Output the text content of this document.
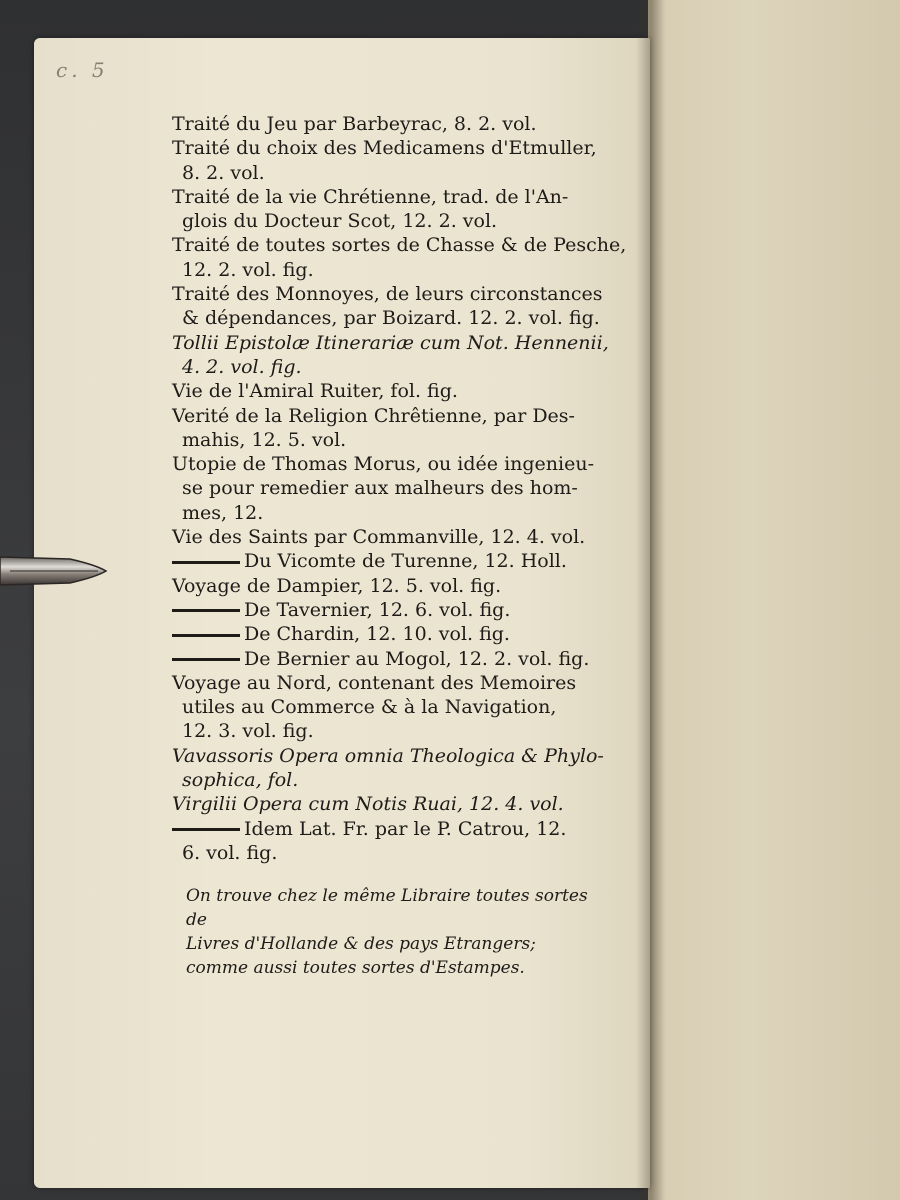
c. 5
Traité du Jeu par Barbeyrac, 8. 2. vol.
Traité du choix des Medicamens d'Etmuller,
8. 2. vol.
Traité de la vie Chrétienne, trad. de l'An-
glois du Docteur Scot, 12. 2. vol.
Traité de toutes sortes de Chasse & de Pesche,
12. 2. vol. fig.
Traité des Monnoyes, de leurs circonstances
& dépendances, par Boizard. 12. 2. vol. fig.
Tollii Epistolæ Itinerariæ cum Not. Hennenii,
4. 2. vol. fig.
Vie de l'Amiral Ruiter, fol. fig.
Verité de la Religion Chrêtienne, par Des-
mahis, 12. 5. vol.
Utopie de Thomas Morus, ou idée ingenieu-
se pour remedier aux malheurs des hom-
mes, 12.
Vie des Saints par Commanville, 12. 4. vol.
Du Vicomte de Turenne, 12. Holl.
Voyage de Dampier, 12. 5. vol. fig.
De Tavernier, 12. 6. vol. fig.
De Chardin, 12. 10. vol. fig.
De Bernier au Mogol, 12. 2. vol. fig.
Voyage au Nord, contenant des Memoires
utiles au Commerce & à la Navigation,
12. 3. vol. fig.
Vavassoris Opera omnia Theologica & Phylo-
sophica, fol.
Virgilii Opera cum Notis Ruai, 12. 4. vol.
Idem Lat. Fr. par le P. Catrou, 12.
6. vol. fig.
On trouve chez le même Libraire toutes sortes de
Livres d'Hollande & des pays Etrangers;
comme aussi toutes sortes d'Estampes.
